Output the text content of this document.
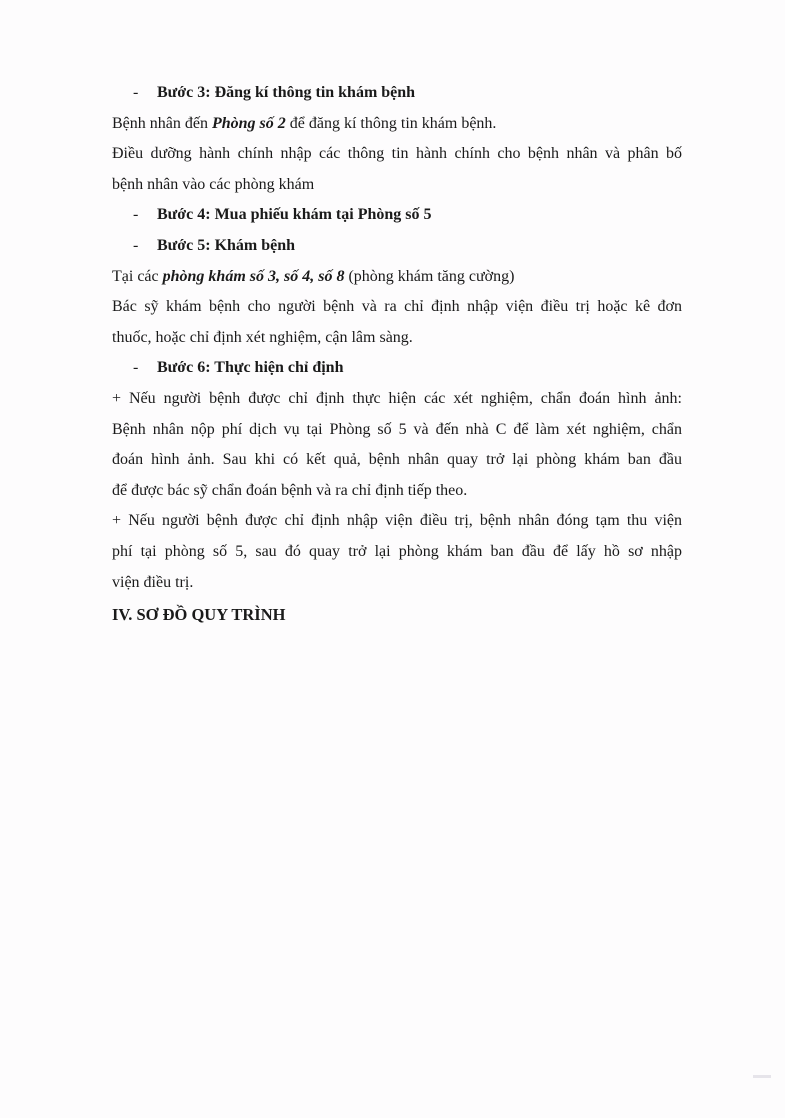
- Bước 3: Đăng kí thông tin khám bệnh

Bệnh nhân đến Phòng số 2 để đăng kí thông tin khám bệnh.

Điều dưỡng hành chính nhập các thông tin hành chính cho bệnh nhân và phân bố

bệnh nhân vào các phòng khám

- Bước 4: Mua phiếu khám tại Phòng số 5

- Bước 5: Khám bệnh

Tại các phòng khám số 3, số 4, số 8 (phòng khám tăng cường)

Bác sỹ khám bệnh cho người bệnh và ra chỉ định nhập viện điều trị hoặc kê đơn

thuốc, hoặc chỉ định xét nghiệm, cận lâm sàng.

- Bước 6: Thực hiện chỉ định

+ Nếu người bệnh được chỉ định thực hiện các xét nghiệm, chẩn đoán hình ảnh:

Bệnh nhân nộp phí dịch vụ tại Phòng số 5 và đến nhà C để làm xét nghiệm, chẩn

đoán hình ảnh. Sau khi có kết quả, bệnh nhân quay trở lại phòng khám ban đầu

để được bác sỹ chẩn đoán bệnh và ra chỉ định tiếp theo.

+ Nếu người bệnh được chỉ định nhập viện điều trị, bệnh nhân đóng tạm thu viện

phí tại phòng số 5, sau đó quay trở lại phòng khám ban đầu để lấy hồ sơ nhập

viện điều trị.

IV. SƠ ĐỒ QUY TRÌNH
